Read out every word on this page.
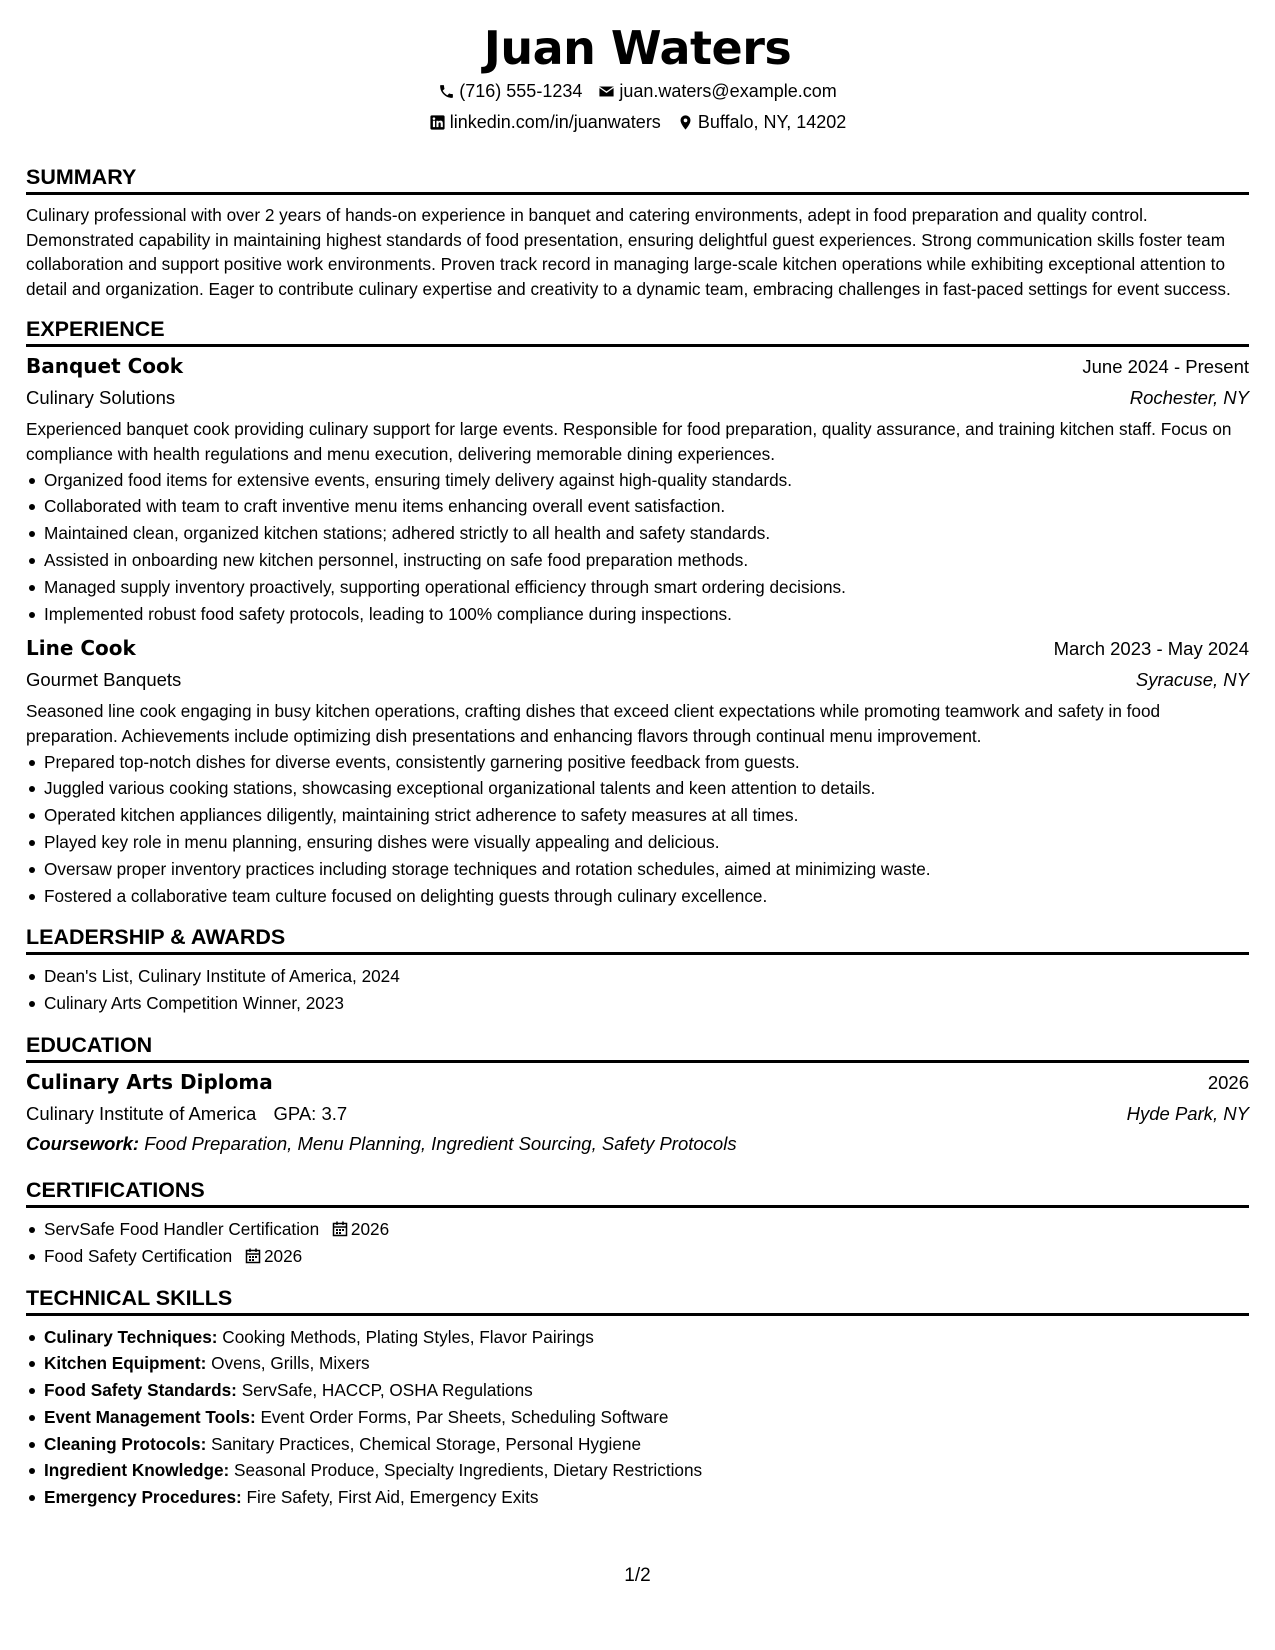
Juan Waters
(716) 555-1234 juan.waters@example.com
linkedin.com/in/juanwaters Buffalo, NY, 14202
SUMMARY

Culinary professional with over 2 years of hands-on experience in banquet and catering environments, adept in food preparation and quality control. Demonstrated capability in maintaining highest standards of food presentation, ensuring delightful guest experiences. Strong communication skills foster team collaboration and support positive work environments. Proven track record in managing large-scale kitchen operations while exhibiting exceptional attention to detail and organization. Eager to contribute culinary expertise and creativity to a dynamic team, embracing challenges in fast-paced settings for event success.

EXPERIENCE
Banquet Cook	June 2024 - Present
Culinary Solutions	Rochester, NY

Experienced banquet cook providing culinary support for large events. Responsible for food preparation, quality assurance, and training kitchen staff. Focus on compliance with health regulations and menu execution, delivering memorable dining experiences.

Organized food items for extensive events, ensuring timely delivery against high-quality standards.
Collaborated with team to craft inventive menu items enhancing overall event satisfaction.
Maintained clean, organized kitchen stations; adhered strictly to all health and safety standards.
Assisted in onboarding new kitchen personnel, instructing on safe food preparation methods.
Managed supply inventory proactively, supporting operational efficiency through smart ordering decisions.
Implemented robust food safety protocols, leading to 100% compliance during inspections.
Line Cook	March 2023 - May 2024
Gourmet Banquets	Syracuse, NY

Seasoned line cook engaging in busy kitchen operations, crafting dishes that exceed client expectations while promoting teamwork and safety in food preparation. Achievements include optimizing dish presentations and enhancing flavors through continual menu improvement.

Prepared top-notch dishes for diverse events, consistently garnering positive feedback from guests.
Juggled various cooking stations, showcasing exceptional organizational talents and keen attention to details.
Operated kitchen appliances diligently, maintaining strict adherence to safety measures at all times.
Played key role in menu planning, ensuring dishes were visually appealing and delicious.
Oversaw proper inventory practices including storage techniques and rotation schedules, aimed at minimizing waste.
Fostered a collaborative team culture focused on delighting guests through culinary excellence.
LEADERSHIP & AWARDS
Dean's List, Culinary Institute of America, 2024
Culinary Arts Competition Winner, 2023
EDUCATION
Culinary Arts Diploma	2026
Culinary Institute of America GPA: 3.7	Hyde Park, NY
Coursework: Food Preparation, Menu Planning, Ingredient Sourcing, Safety Protocols
CERTIFICATIONS
ServSafe Food Handler Certification 2026
Food Safety Certification 2026
TECHNICAL SKILLS
Culinary Techniques: Cooking Methods, Plating Styles, Flavor Pairings
Kitchen Equipment: Ovens, Grills, Mixers
Food Safety Standards: ServSafe, HACCP, OSHA Regulations
Event Management Tools: Event Order Forms, Par Sheets, Scheduling Software
Cleaning Protocols: Sanitary Practices, Chemical Storage, Personal Hygiene
Ingredient Knowledge: Seasonal Produce, Specialty Ingredients, Dietary Restrictions
Emergency Procedures: Fire Safety, First Aid, Emergency Exits
1/2
